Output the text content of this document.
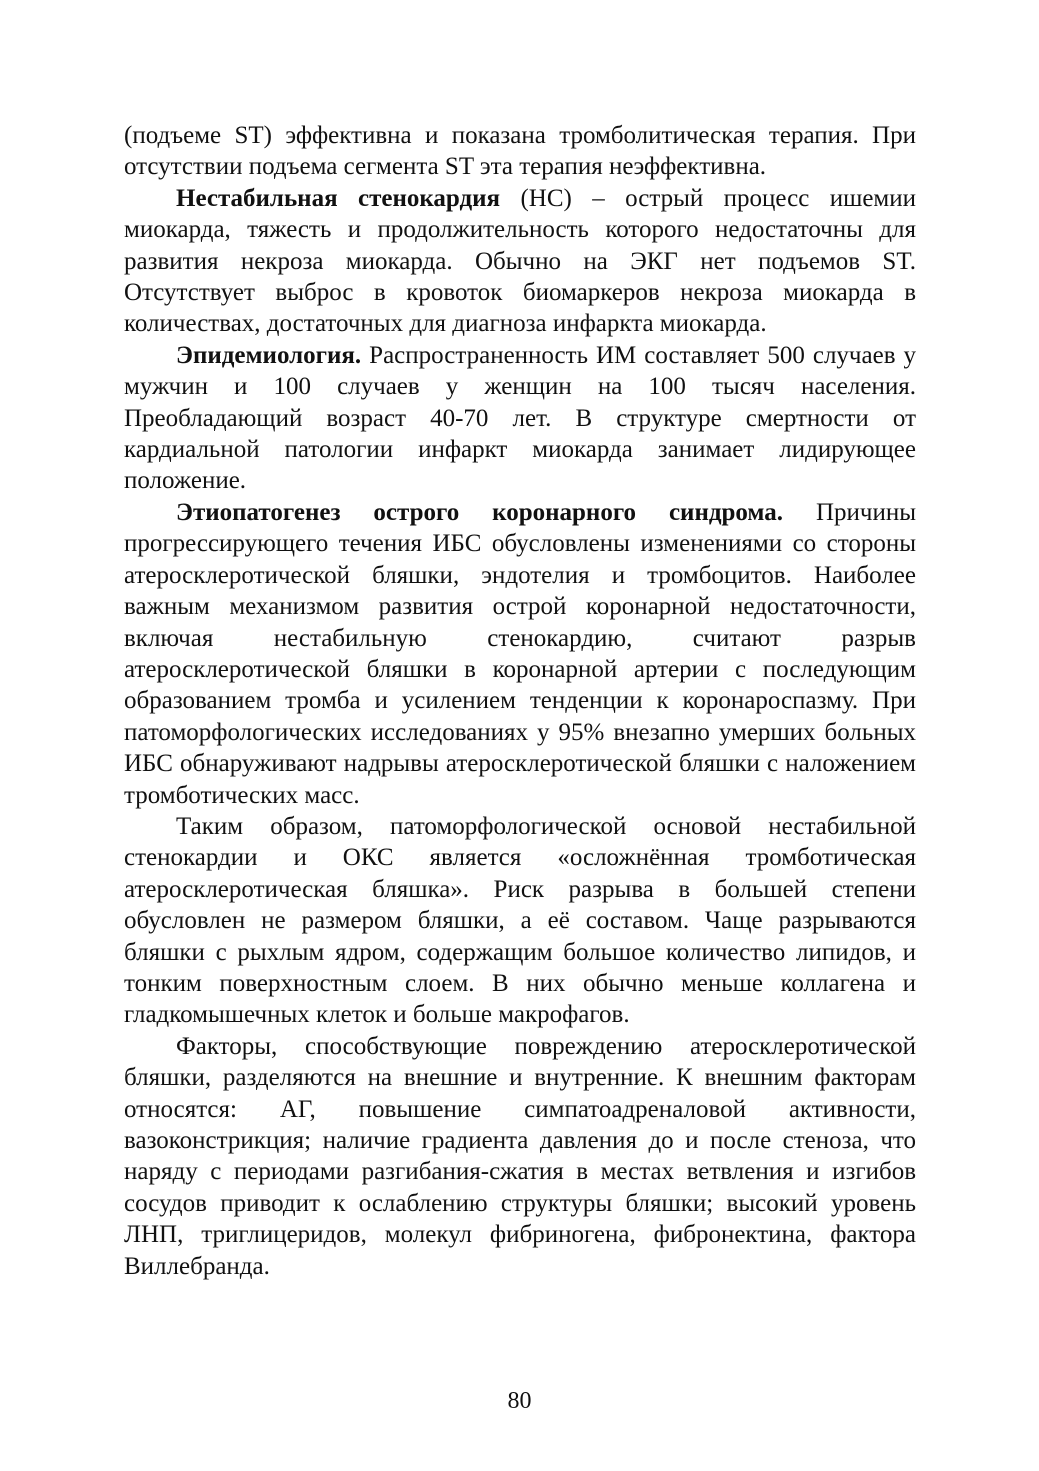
(подъеме ST) эффективна и показана тромболитическая терапия. При отсутствии подъема сегмента ST эта терапия неэффективна.

Нестабильная стенокардия (НС) – острый процесс ишемии миокарда, тяжесть и продолжительность которого недостаточны для развития некроза миокарда. Обычно на ЭКГ нет подъемов ST. Отсутствует выброс в кровоток биомаркеров некроза миокарда в количествах, достаточных для диагноза инфаркта миокарда.

Эпидемиология. Распространенность ИМ составляет 500 случаев у мужчин и 100 случаев у женщин на 100 тысяч населения. Преобладающий возраст 40-70 лет. В структуре смертности от кардиальной патологии инфаркт миокарда занимает лидирующее положение.

Этиопатогенез острого коронарного синдрома. Причины прогрессирующего течения ИБС обусловлены изменениями со стороны атеросклеротической бляшки, эндотелия и тромбоцитов. Наиболее важным механизмом развития острой коронарной недостаточности, включая нестабильную стенокардию, считают разрыв атеросклеротической бляшки в коронарной артерии с последующим образованием тромба и усилением тенденции к коронароспазму. При патоморфологических исследованиях у 95% внезапно умерших больных ИБС обнаруживают надрывы атеросклеротической бляшки с наложением тромботических масс.

Таким образом, патоморфологической основой нестабильной стенокардии и ОКС является «осложнённая тромботическая атеросклеротическая бляшка». Риск разрыва в большей степени обусловлен не размером бляшки, а её составом. Чаще разрываются бляшки с рыхлым ядром, содержащим большое количество липидов, и тонким поверхностным слоем. В них обычно меньше коллагена и гладкомышечных клеток и больше макрофагов.

Факторы, способствующие повреждению атеросклеротической бляшки, разделяются на внешние и внутренние. К внешним факторам относятся: АГ, повышение симпатоадреналовой активности, вазоконстрикция; наличие градиента давления до и после стеноза, что наряду с периодами разгибания-сжатия в местах ветвления и изгибов сосудов приводит к ослаблению структуры бляшки; высокий уровень ЛНП, триглицеридов, молекул фибриногена, фибронектина, фактора Виллебранда.

80
